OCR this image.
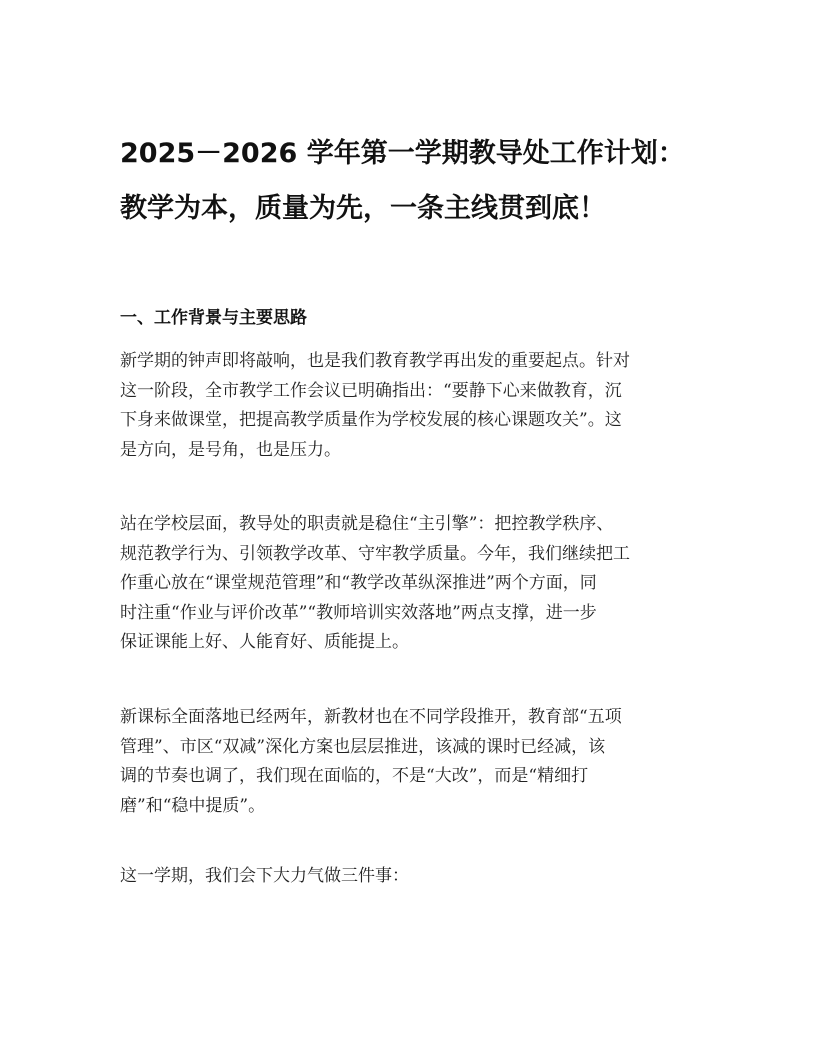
2025－2026 学年第一学期教导处工作计划：
教学为本，质量为先，一条主线贯到底！
一、工作背景与主要思路

新学期的钟声即将敲响，也是我们教育教学再出发的重要起点。针对
这一阶段，全市教学工作会议已明确指出：“要静下心来做教育，沉
下身来做课堂，把提高教学质量作为学校发展的核心课题攻关”。这
是方向，是号角，也是压力。

站在学校层面，教导处的职责就是稳住“主引擎”：把控教学秩序、
规范教学行为、引领教学改革、守牢教学质量。今年，我们继续把工
作重心放在“课堂规范管理”和“教学改革纵深推进”两个方面，同
时注重“作业与评价改革”“教师培训实效落地”两点支撑，进一步
保证课能上好、人能育好、质能提上。

新课标全面落地已经两年，新教材也在不同学段推开，教育部“五项
管理”、市区“双减”深化方案也层层推进，该减的课时已经减，该
调的节奏也调了，我们现在面临的，不是“大改”，而是“精细打
磨”和“稳中提质”。

这一学期，我们会下大力气做三件事：
